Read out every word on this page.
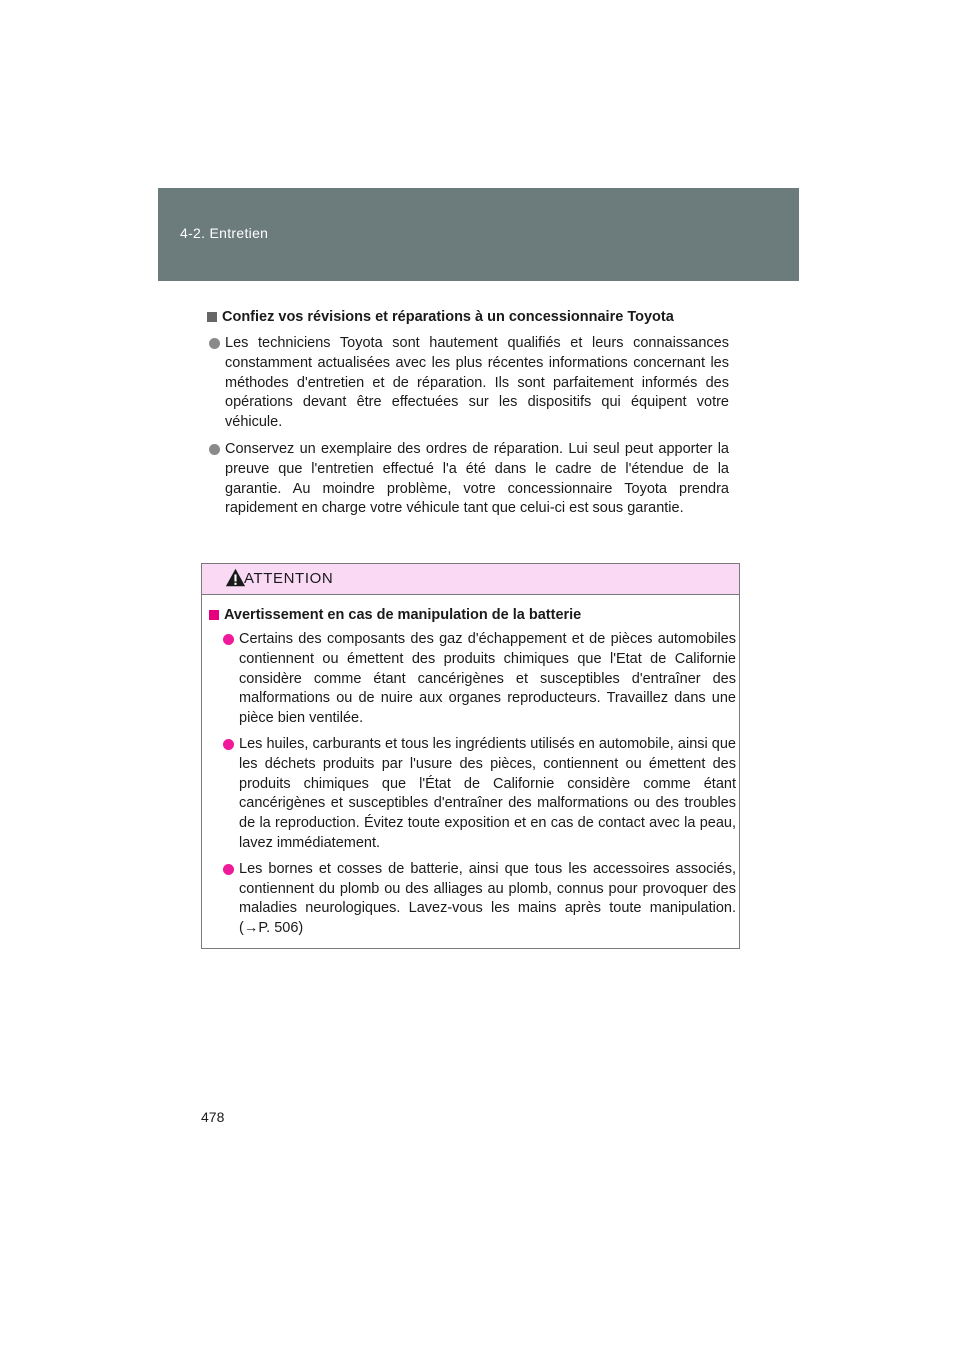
4-2. Entretien
Confiez vos révisions et réparations à un concessionnaire Toyota
Les techniciens Toyota sont hautement qualifiés et leurs connaissances constamment actualisées avec les plus récentes informations concernant les méthodes d'entretien et de réparation. Ils sont parfaitement informés des opérations devant être effectuées sur les dispositifs qui équipent votre véhicule.
Conservez un exemplaire des ordres de réparation. Lui seul peut apporter la preuve que l'entretien effectué l'a été dans le cadre de l'étendue de la garantie. Au moindre problème, votre concessionnaire Toyota prendra rapidement en charge votre véhicule tant que celui-ci est sous garantie.
ATTENTION
Avertissement en cas de manipulation de la batterie
Certains des composants des gaz d'échappement et de pièces automobiles contiennent ou émettent des produits chimiques que l'Etat de Californie considère comme étant cancérigènes et susceptibles d'entraîner des malformations ou de nuire aux organes reproducteurs. Travaillez dans une pièce bien ventilée.
Les huiles, carburants et tous les ingrédients utilisés en automobile, ainsi que les déchets produits par l'usure des pièces, contiennent ou émettent des produits chimiques que l'État de Californie considère comme étant cancérigènes et susceptibles d'entraîner des malformations ou des troubles de la reproduction. Évitez toute exposition et en cas de contact avec la peau, lavez immédiatement.
Les bornes et cosses de batterie, ainsi que tous les accessoires associés, contiennent du plomb ou des alliages au plomb, connus pour provoquer des maladies neurologiques. Lavez-vous les mains après toute manipulation. (→P. 506)
478
